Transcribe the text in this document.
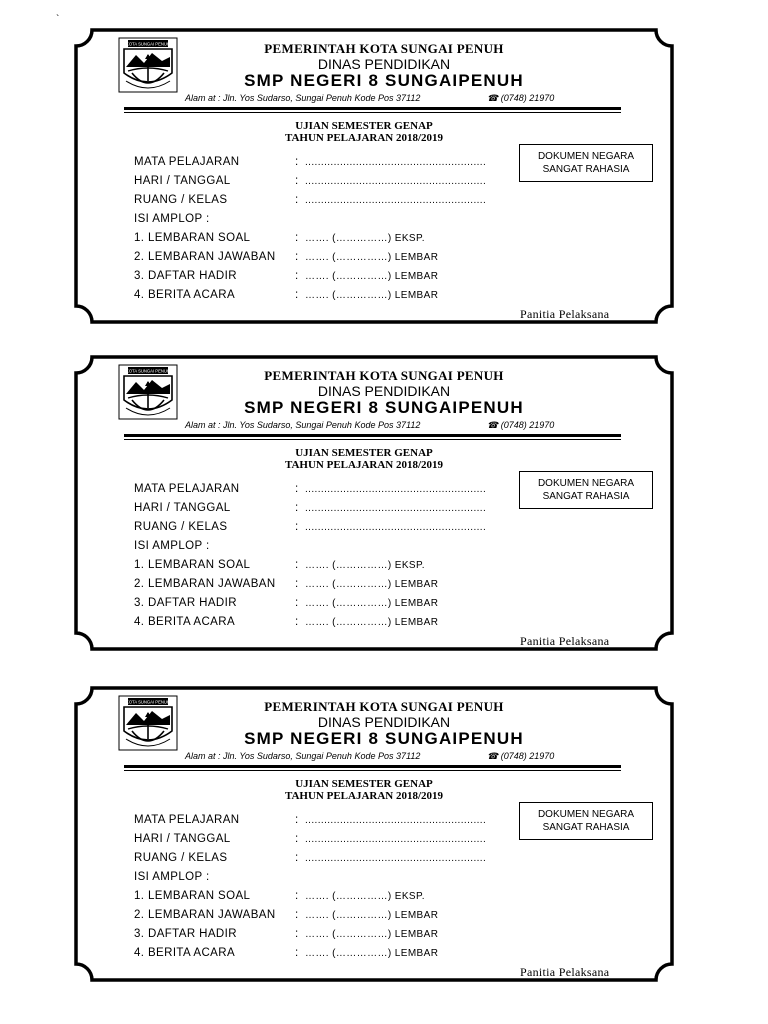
`
KOTA SUNGAI PENUH	PEMERINTAH KOTA SUNGAI PENUH
DINAS PENDIDIKAN
SMP NEGERI 8 SUNGAIPENUH
Alam at : Jln. Yos Sudarso, Sungai Penuh Kode Pos 37112	☎ (0748) 21970
UJIAN SEMESTER GENAP
TAHUN PELAJARAN 2018/2019
DOKUMEN NEGARA
SANGAT RAHASIA
MATA PELAJARAN	: .........................................................
HARI / TANGGAL	: .........................................................
RUANG / KELAS	: .........................................................
ISI AMPLOP :
1. LEMBARAN SOAL	: ……. (……………) EKSP.
2. LEMBARAN JAWABAN : ……. (……………) LEMBAR
3. DAFTAR HADIR	: ……. (……………) LEMBAR
4. BERITA ACARA	: ……. (……………) LEMBAR
Panitia Pelaksana
KOTA SUNGAI PENUH	PEMERINTAH KOTA SUNGAI PENUH
DINAS PENDIDIKAN
SMP NEGERI 8 SUNGAIPENUH
Alam at : Jln. Yos Sudarso, Sungai Penuh Kode Pos 37112	☎ (0748) 21970
UJIAN SEMESTER GENAP
TAHUN PELAJARAN 2018/2019
DOKUMEN NEGARA
SANGAT RAHASIA
MATA PELAJARAN	: .........................................................
HARI / TANGGAL	: .........................................................
RUANG / KELAS	: .........................................................
ISI AMPLOP :
1. LEMBARAN SOAL	: ……. (……………) EKSP.
2. LEMBARAN JAWABAN : ……. (……………) LEMBAR
3. DAFTAR HADIR	: ……. (……………) LEMBAR
4. BERITA ACARA	: ……. (……………) LEMBAR
Panitia Pelaksana
KOTA SUNGAI PENUH	PEMERINTAH KOTA SUNGAI PENUH
DINAS PENDIDIKAN
SMP NEGERI 8 SUNGAIPENUH
Alam at : Jln. Yos Sudarso, Sungai Penuh Kode Pos 37112	☎ (0748) 21970
UJIAN SEMESTER GENAP
TAHUN PELAJARAN 2018/2019
DOKUMEN NEGARA
SANGAT RAHASIA
MATA PELAJARAN	: .........................................................
HARI / TANGGAL	: .........................................................
RUANG / KELAS	: .........................................................
ISI AMPLOP :
1. LEMBARAN SOAL	: ……. (……………) EKSP.
2. LEMBARAN JAWABAN : ……. (……………) LEMBAR
3. DAFTAR HADIR	: ……. (……………) LEMBAR
4. BERITA ACARA	: ……. (……………) LEMBAR
Panitia Pelaksana
